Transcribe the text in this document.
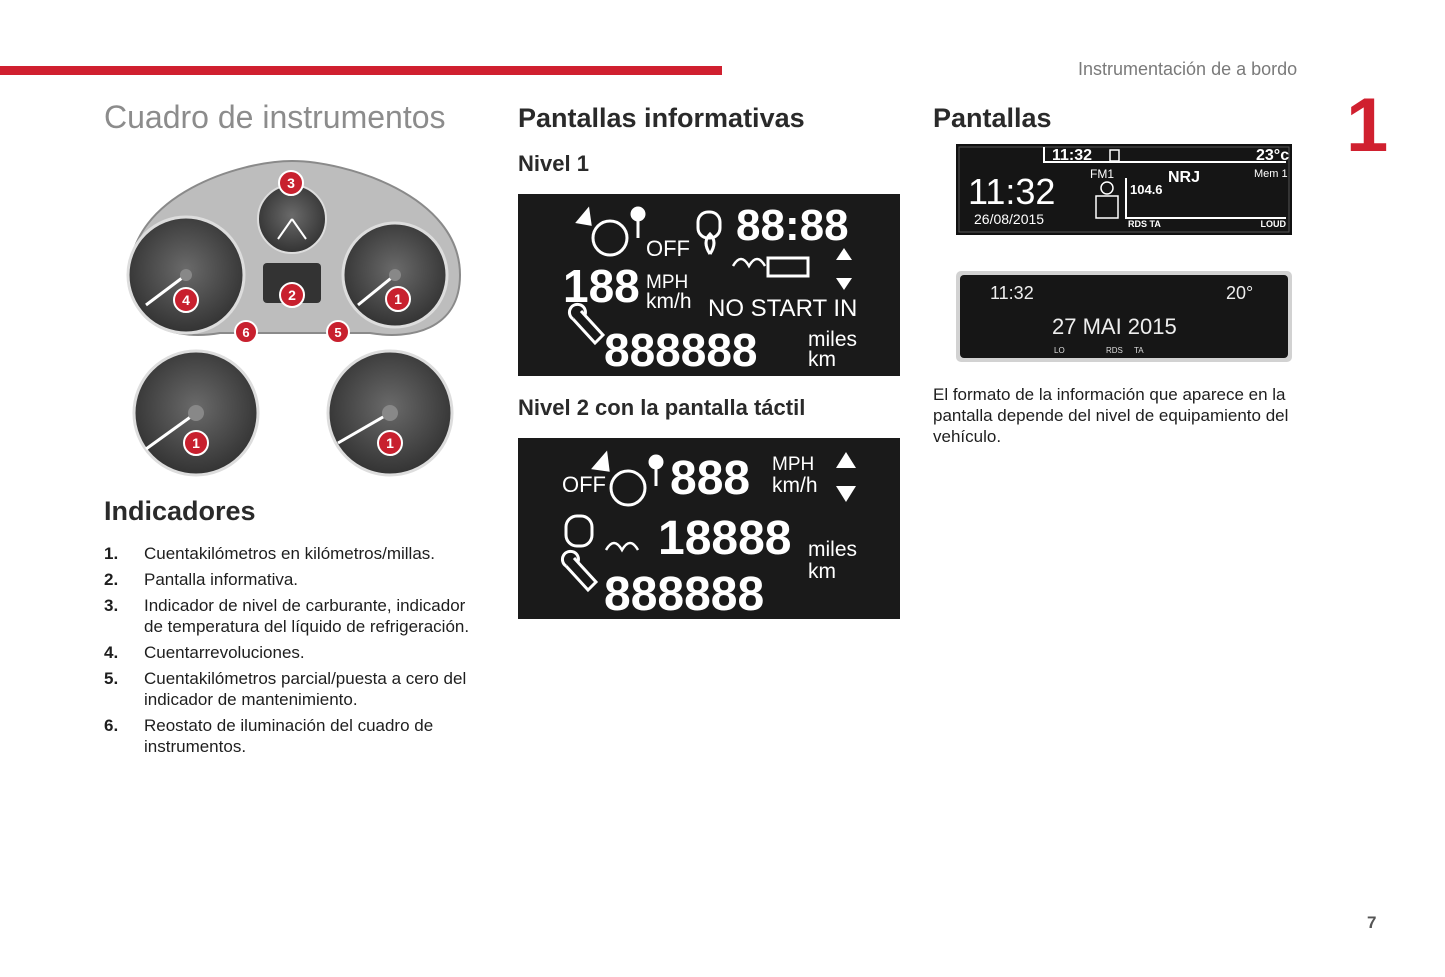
Instrumentación de a bordo
1
7
Cuadro de instrumentos
3
2
4	1
6	5
1	1
Indicadores
1. Cuentakilómetros en kilómetros/millas.
2. Pantalla informativa.
3. Indicador de nivel de carburante, indicador de temperatura del líquido de refrigeración.
4. Cuentarrevoluciones.
5. Cuentakilómetros parcial/puesta a cero del indicador de mantenimiento.
6. Reostato de iluminación del cuadro de instrumentos.
Pantallas informativas
Nivel 1
OFF 88:88
188 MPH
km/h NO START IN
888888 miles
km
Nivel 2 con la pantalla táctil
OFF 888 MPH
km/h
18888 miles
km
888888
Pantallas
11:32	23°c
11:32
26/08/2015
FM1	NRJ	Mem 1
104.6
RDS TA	LOUD
11:32	20°
27 MAI 2015
LO	RDS TA
El formato de la información que aparece en la pantalla depende del nivel de equipamiento del vehículo.
